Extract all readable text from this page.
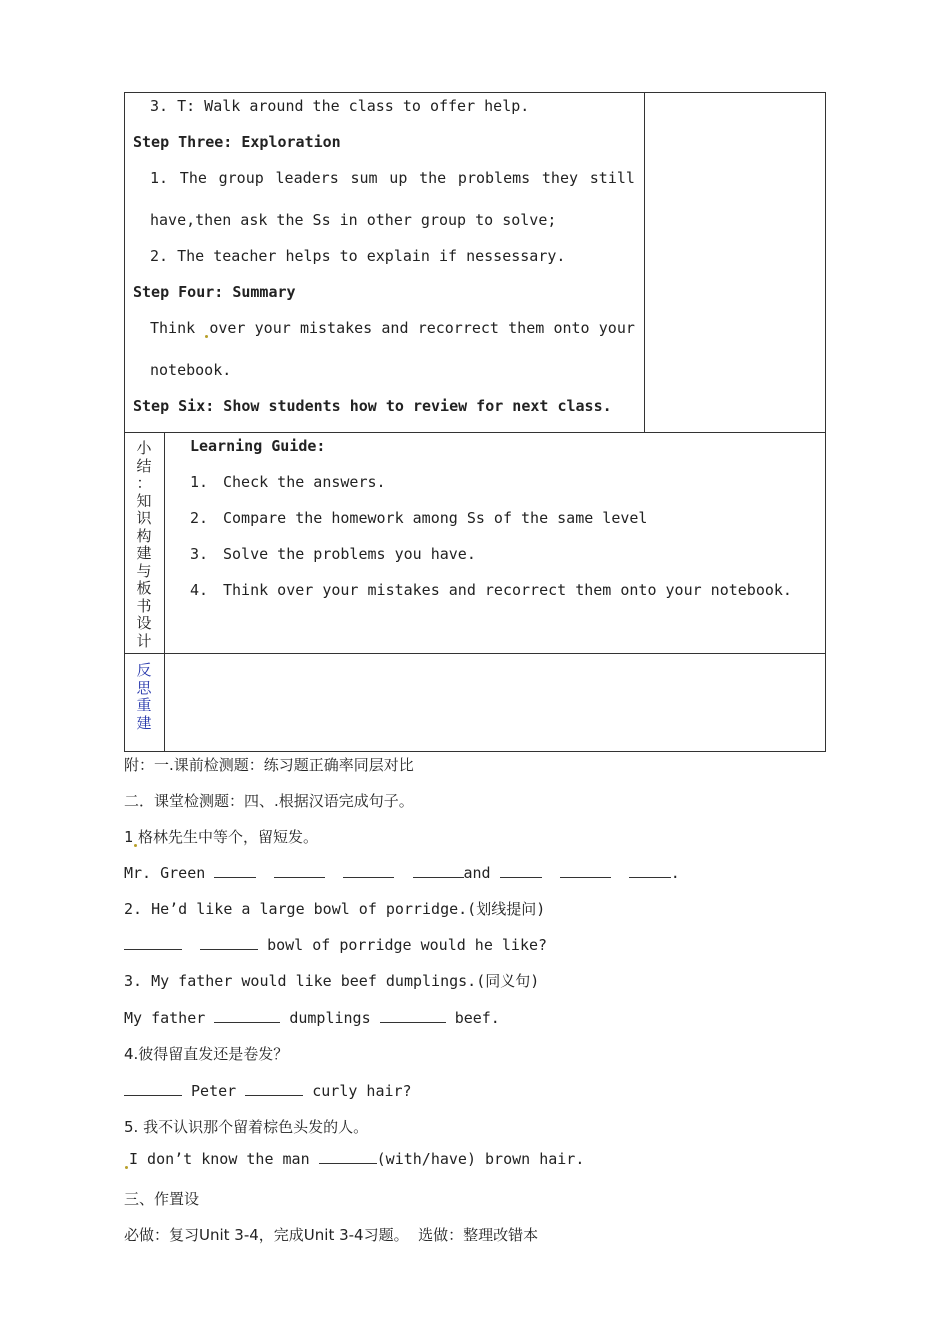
3. T: Walk around the class to offer help.
Step Three: Exploration
1. The group leaders sum up the problems they still
have,then ask the Ss in other group to solve;
2. The teacher helps to explain if nessessary.
Step Four: Summary
Think over your mistakes and recorrect them onto your
notebook.
Step Six: Show students how to review for next class.
小
结
：
知
识
构
建
与
板
书
设
计
Learning Guide:
1. Check the answers.
2. Compare the homework among Ss of the same level
3. Solve the problems you have.
4. Think over your mistakes and recorrect them onto your notebook.
反
思
重
建
附：一.课前检测题：练习题正确率同层对比
二．课堂检测题：四、.根据汉语完成句子。
1 格林先生中等个，留短发。
Mr. Green	and	.
2. He’d like a large bowl of porridge.(划线提问)
bowl of porridge would he like?
3. My father would like beef dumplings.(同义句)
My father	dumplings	beef.
4.彼得留直发还是卷发？
Peter	curly hair?
5. 我不认识那个留着棕色头发的人。
I don’t know the man	(with/have) brown hair.
三、作置设
必做：复习Unit 3-4，完成Unit 3-4习题。  选做：整理改错本
